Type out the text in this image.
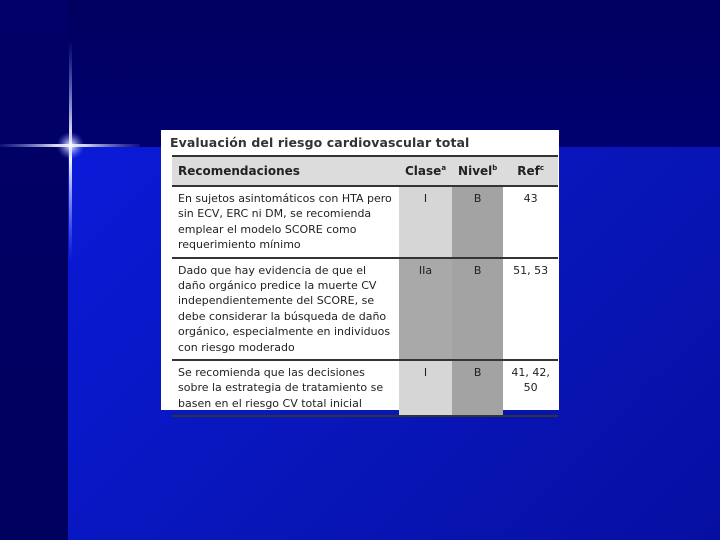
Evaluación del riesgo cardiovascular total
Recomendaciones	Clase$^a$	Nivel$^b$	Ref$^c$
En sujetos asintomáticos con HTA pero sin ECV, ERC ni DM, se recomienda emplear el modelo SCORE como requerimiento mínimo	I	B	43
Dado que hay evidencia de que el daño orgánico predice la muerte CV independientemente del SCORE, se debe considerar la búsqueda de daño orgánico, especialmente en individuos con riesgo moderado	IIa	B	51, 53
Se recomienda que las decisiones sobre la estrategia de tratamiento se basen en el riesgo CV total inicial	I	B	41, 42, 50
